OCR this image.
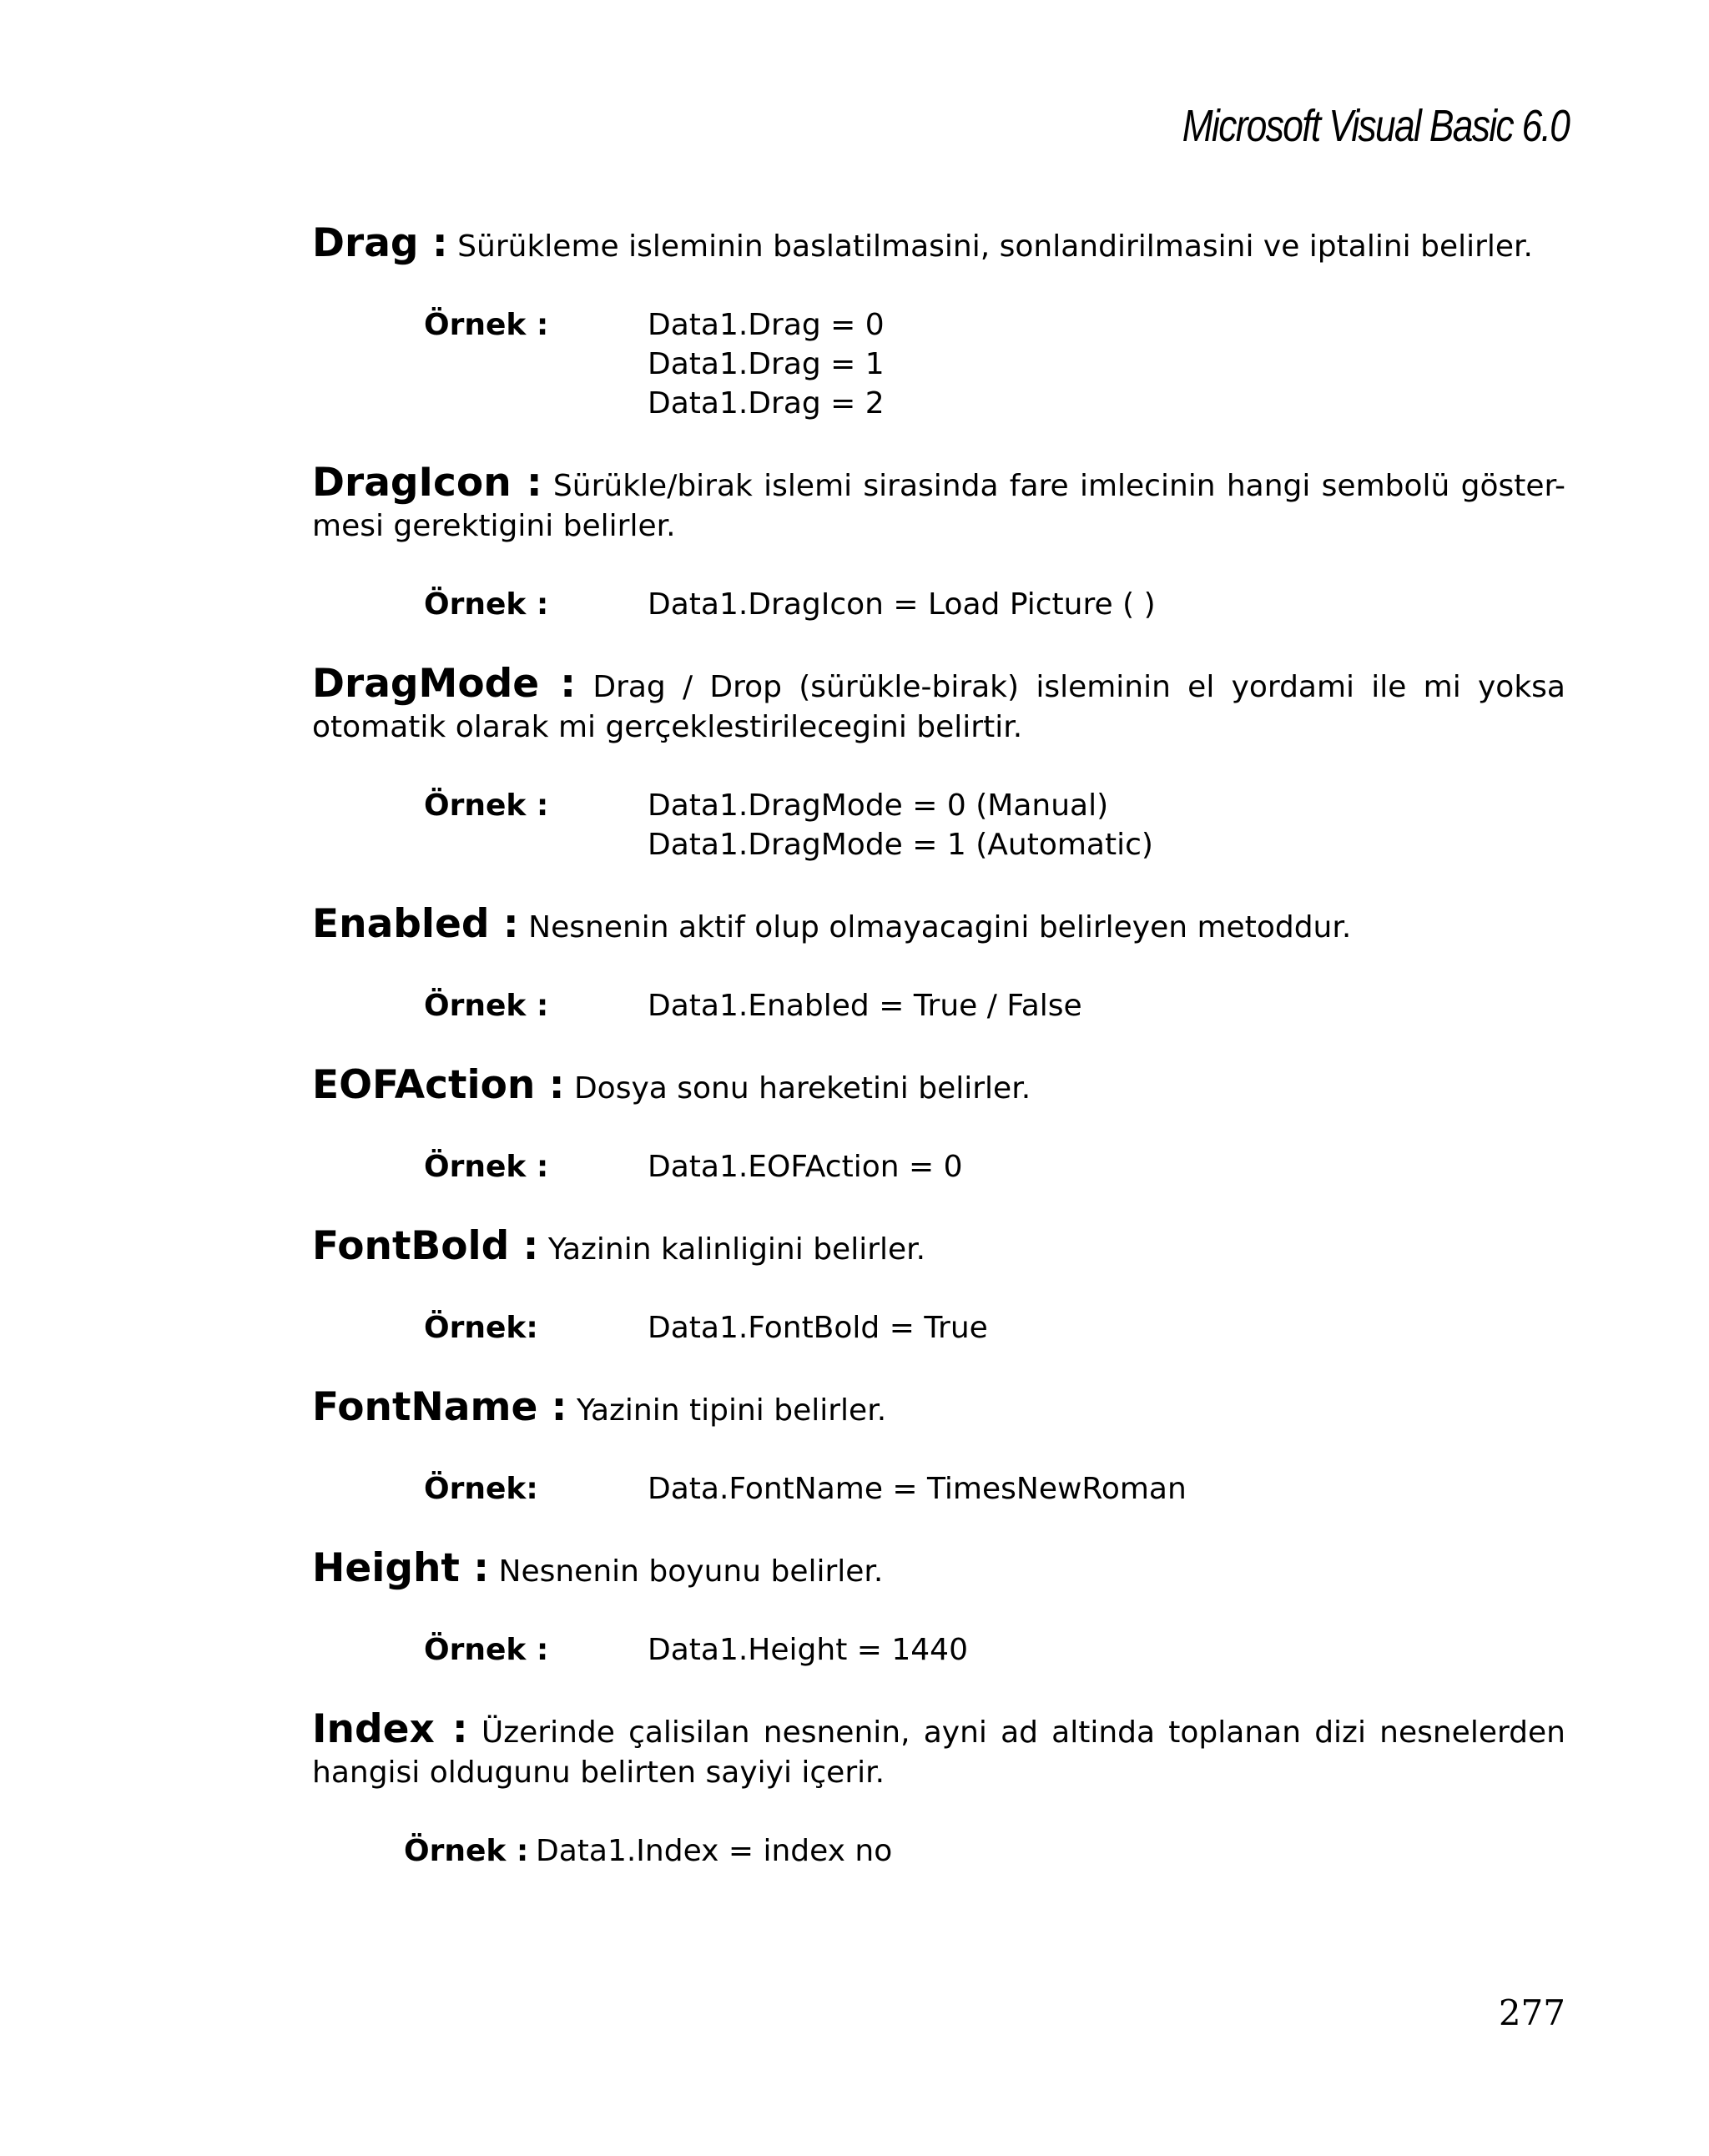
Microsoft Visual Basic 6.0

Drag : Sürükleme isleminin baslatilmasini, sonlandirilmasini ve iptalini belirler.

Örnek :	Data1.Drag = 0
Data1.Drag = 1
Data1.Drag = 2

DragIcon : Sürükle/birak islemi sirasinda fare imlecinin hangi sembolü göster-mesi gerektigini belirler.

Örnek :	Data1.DragIcon = Load Picture ( )

DragMode : Drag / Drop (sürükle-birak) isleminin el yordami ile mi yoksa otomatik olarak mi gerçeklestirilecegini belirtir.

Örnek :	Data1.DragMode = 0 (Manual)
Data1.DragMode = 1 (Automatic)

Enabled : Nesnenin aktif olup olmayacagini belirleyen metoddur.

Örnek :	Data1.Enabled = True / False

EOFAction : Dosya sonu hareketini belirler.

Örnek :	Data1.EOFAction = 0

FontBold : Yazinin kalinligini belirler.

Örnek:	Data1.FontBold = True

FontName : Yazinin tipini belirler.

Örnek:	Data.FontName = TimesNewRoman

Height : Nesnenin boyunu belirler.

Örnek :	Data1.Height = 1440

Index : Üzerinde çalisilan nesnenin, ayni ad altinda toplanan dizi nesnelerden hangisi oldugunu belirten sayiyi içerir.

Örnek : Data1.Index = index no
277
